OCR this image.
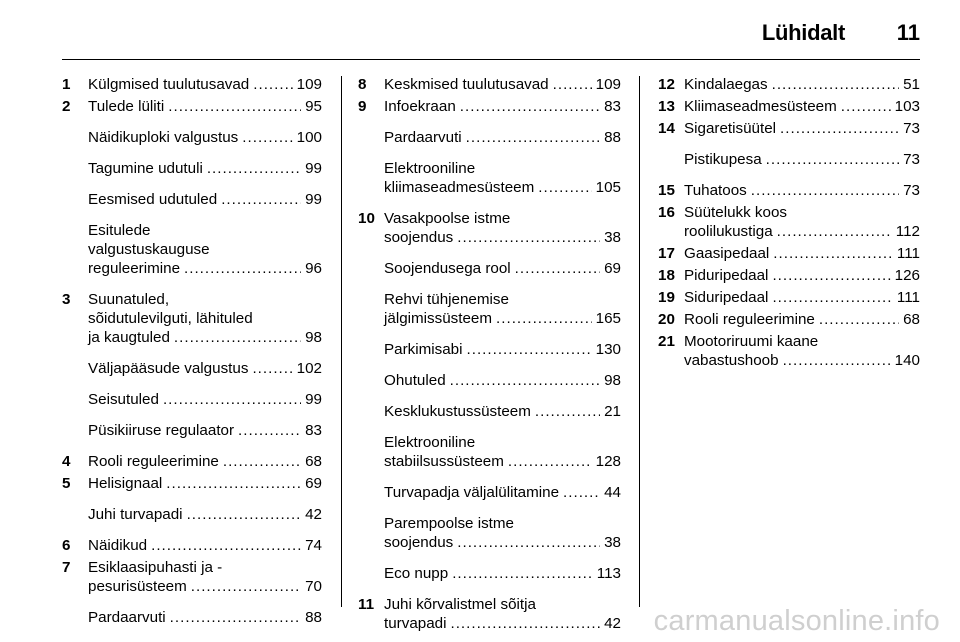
Lühidalt 11
1	Külgmised tuulutusavad .....	109
2	Tulede lüliti .....	95
Näidikuploki valgustus .....	100
Tagumine udutuli .....	99
Eesmised udutuled .....	99
Esitulede
valgustuskauguse
reguleerimine .....	96
3	Suunatuled,
sõidutulevilguti, lähituled
ja kaugtuled .....	98
Väljapääsude valgustus .....	102
Seisutuled .....	99
Püsikiiruse regulaator .....	83
4	Rooli reguleerimine .....	68
5	Helisignaal .....	69
Juhi turvapadi .....	42
6	Näidikud .....	74
7	Esiklaasipuhasti ja -
pesurisüsteem .....	70
Pardaarvuti .....	88
8	Keskmised tuulutusavad .....	109
9	Infoekraan .....	83
Pardaarvuti .....	88
Elektrooniline
kliimaseadmesüsteem .....	105
10 Vasakpoolse istme
soojendus .....	38
Soojendusega rool .....	69
Rehvi tühjenemise
jälgimissüsteem .....	165
Parkimisabi .....	130
Ohutuled .....	98
Kesklukustussüsteem .....	21
Elektrooniline
stabiilsussüsteem .....	128
Turvapadja väljalülitamine .....	44
Parempoolse istme
soojendus .....	38
Eco nupp .....	113
11 Juhi kõrvalistmel sõitja
turvapadi .....	42
12 Kindalaegas .....	51
13 Kliimaseadmesüsteem .....	103
14 Sigaretisüütel .....	73
Pistikupesa .....	73
15 Tuhatoos .....	73
16 Süütelukk koos
roolilukustiga .....	112
17 Gaasipedaal .....	111
18 Piduripedaal .....	126
19 Siduripedaal .....	111
20 Rooli reguleerimine .....	68
21 Mootoriruumi kaane
vabastushoob .....	140
carmanualsonline.info
